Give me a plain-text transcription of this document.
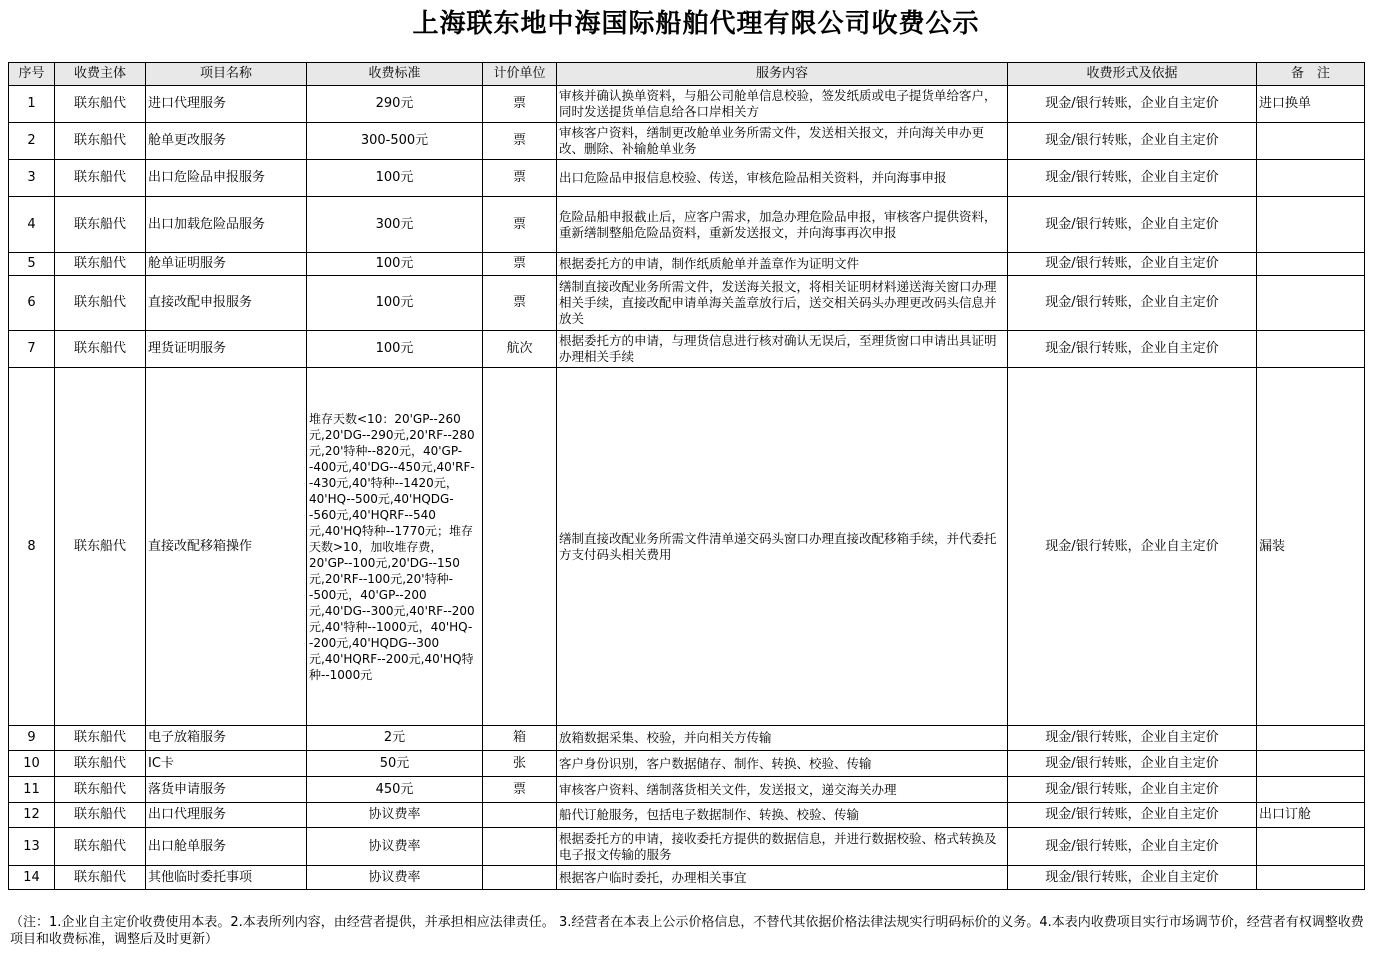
上海联东地中海国际船舶代理有限公司收费公示
序号	收费主体	项目名称	收费标准	计价单位	服务内容	收费形式及依据	备　注
1	联东船代	进口代理服务	290元	票	审核并确认换单资料，与船公司舱单信息校验，签发纸质或电子提货单给客户，同时发送提货单信息给各口岸相关方	现金/银行转账，企业自主定价	进口换单
2	联东船代	舱单更改服务	300-500元	票	审核客户资料，缮制更改舱单业务所需文件，发送相关报文，并向海关申办更改、删除、补输舱单业务	现金/银行转账，企业自主定价	
3	联东船代	出口危险品申报服务	100元	票	出口危险品申报信息校验、传送，审核危险品相关资料，并向海事申报	现金/银行转账，企业自主定价	
4	联东船代	出口加载危险品服务	300元	票	危险品船申报截止后，应客户需求，加急办理危险品申报，审核客户提供资料，重新缮制整船危险品资料，重新发送报文，并向海事再次申报	现金/银行转账，企业自主定价	
5	联东船代	舱单证明服务	100元	票	根据委托方的申请，制作纸质舱单并盖章作为证明文件	现金/银行转账，企业自主定价	
6	联东船代	直接改配申报服务	100元	票	缮制直接改配业务所需文件，发送海关报文，将相关证明材料递送海关窗口办理相关手续，直接改配申请单海关盖章放行后，送交相关码头办理更改码头信息并放关	现金/银行转账，企业自主定价	
7	联东船代	理货证明服务	100元	航次	根据委托方的申请，与理货信息进行核对确认无误后，至理货窗口申请出具证明办理相关手续	现金/银行转账，企业自主定价	
8	联东船代	直接改配移箱操作	堆存天数<10：20'GP--260元,20'DG--290元,20'RF--280元,20'特种--820元，40'GP--400元,40'DG--450元,40'RF--430元,40'特种--1420元，40'HQ--500元,40'HQDG--560元,40'HQRF--540元,40'HQ特种--1770元；堆存天数>10，加收堆存费，20'GP--100元,20'DG--150元,20'RF--100元,20'特种--500元，40'GP--200元,40'DG--300元,40'RF--200元,40'特种--1000元，40'HQ--200元,40'HQDG--300元,40'HQRF--200元,40'HQ特种--1000元		缮制直接改配业务所需文件清单递交码头窗口办理直接改配移箱手续，并代委托方支付码头相关费用	现金/银行转账，企业自主定价	漏装
9	联东船代	电子放箱服务	2元	箱	放箱数据采集、校验，并向相关方传输	现金/银行转账，企业自主定价	
10	联东船代	IC卡	50元	张	客户身份识别，客户数据储存、制作、转换、校验、传输	现金/银行转账，企业自主定价	
11	联东船代	落货申请服务	450元	票	审核客户资料、缮制落货相关文件，发送报文，递交海关办理	现金/银行转账，企业自主定价	
12	联东船代	出口代理服务	协议费率		船代订舱服务，包括电子数据制作、转换、校验、传输	现金/银行转账，企业自主定价	出口订舱
13	联东船代	出口舱单服务	协议费率		根据委托方的申请，接收委托方提供的数据信息，并进行数据校验、格式转换及电子报文传输的服务	现金/银行转账，企业自主定价	
14	联东船代	其他临时委托事项	协议费率		根据客户临时委托，办理相关事宜	现金/银行转账，企业自主定价	
（注：1.企业自主定价收费使用本表。2.本表所列内容，由经营者提供，并承担相应法律责任。 3.经营者在本表上公示价格信息，不替代其依据价格法律法规实行明码标价的义务。4.本表内收费项目实行市场调节价，经营者有权调整收费项目和收费标准，调整后及时更新）
